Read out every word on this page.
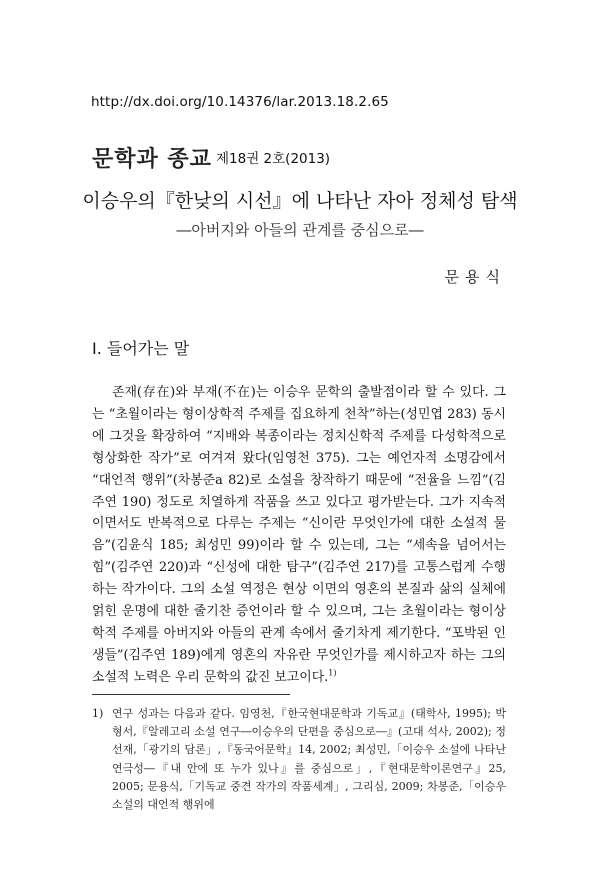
http://dx.doi.org/10.14376/lar.2013.18.2.65
문학과 종교 제18권 2호(2013)
이승우의『한낮의 시선』에 나타난 자아 정체성 탐색
―아버지와 아들의 관계를 중심으로―
문용식
Ⅰ. 들어가는 말

존재(存在)와 부재(不在)는 이승우 문학의 출발점이라 할 수 있다. 그는 “초월이라는 형이상학적 주제를 집요하게 천착”하는(성민엽 283) 동시에 그것을 확장하여 “지배와 복종이라는 정치신학적 주제를 다성학적으로 형상화한 작가”로 여겨져 왔다(임영천 375). 그는 예언자적 소명감에서 “대언적 행위”(차봉준a 82)로 소설을 창작하기 때문에 “전율을 느낌”(김주연 190) 정도로 치열하게 작품을 쓰고 있다고 평가받는다. 그가 지속적이면서도 반복적으로 다루는 주제는 “신이란 무엇인가에 대한 소설적 물음”(김윤식 185; 최성민 99)이라 할 수 있는데, 그는 “세속을 넘어서는 힘”(김주연 220)과 “신성에 대한 탐구”(김주연 217)를 고통스럽게 수행하는 작가이다. 그의 소설 역정은 현상 이면의 영혼의 본질과 삶의 실체에 얽힌 운명에 대한 줄기찬 증언이라 할 수 있으며, 그는 초월이라는 형이상학적 주제를 아버지와 아들의 관계 속에서 줄기차게 제기한다. “포박된 인생들”(김주연 189)에게 영혼의 자유란 무엇인가를 제시하고자 하는 그의 소설적 노력은 우리 문학의 값진 보고이다.$^{1)}$

1) 연구 성과는 다음과 같다. 임영천,『한국현대문학과 기독교』(태학사, 1995); 박형서,『알레고리 소설 연구―이승우의 단편을 중심으로―』(고대 석사, 2002); 정선재,「광기의 담론」,『동국어문학』14, 2002; 최성민,「이승우 소설에 나타난 연극성―『내 안에 또 누가 있나』를 중심으로」,『현대문학이론연구』25, 2005; 문용식,「기독교 중견 작가의 작품세계」, 그리심, 2009; 차봉준,「이승우 소설의 대언적 행위에
